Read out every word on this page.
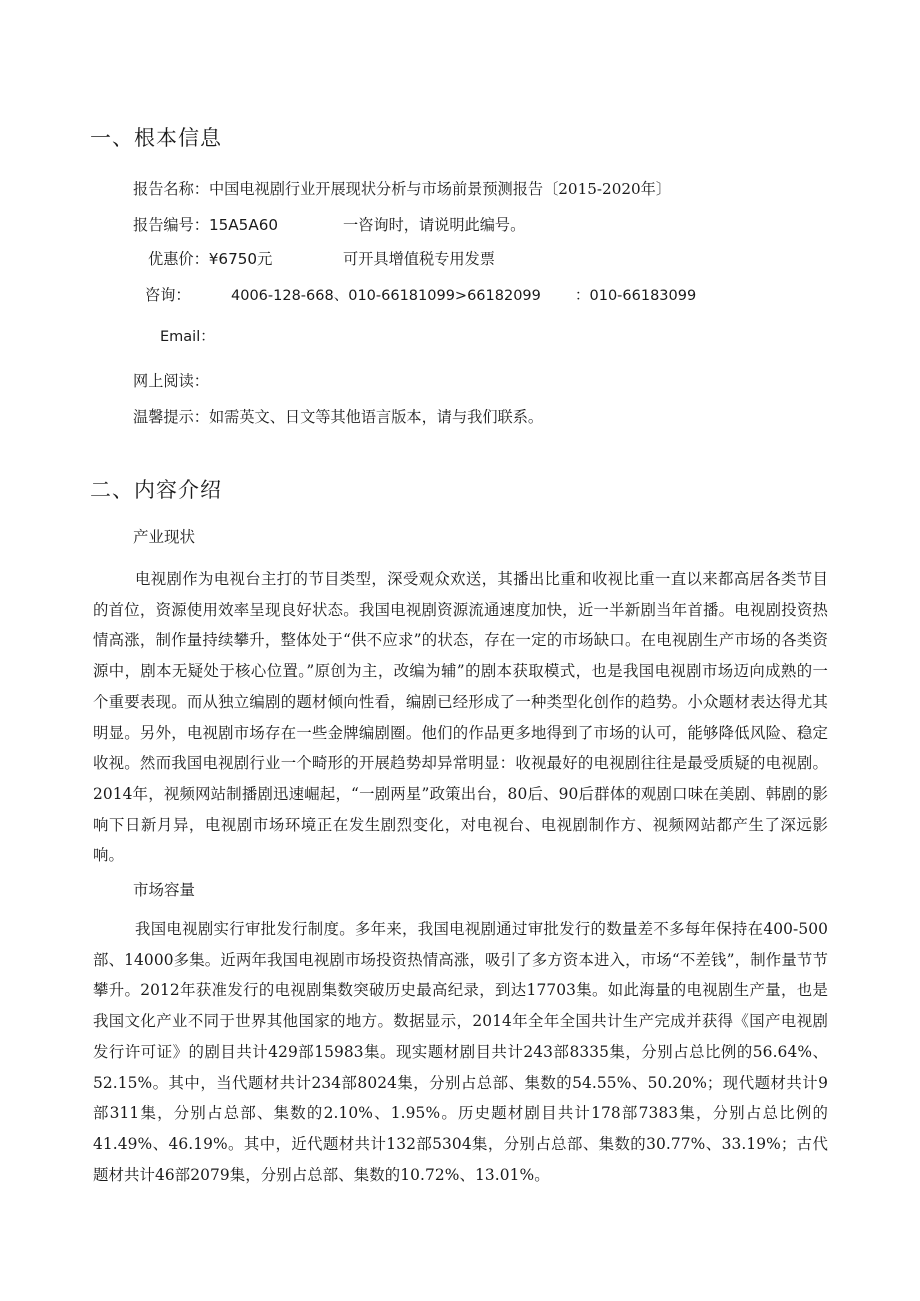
一、根本信息
报告名称：中国电视剧行业开展现状分析与市场前景预测报告〔2015-2020年〕
报告编号：15A5A60	一咨询时，请说明此编号。
优惠价：¥6750元	可开具增值税专用发票
咨询：	4006-128-668、010-66181099>66182099 ：010-66183099
Email：
网上阅读：
温馨提示：如需英文、日文等其他语言版本，请与我们联系。
二、内容介绍

产业现状

电视剧作为电视台主打的节目类型，深受观众欢送，其播出比重和收视比重一直以来都高居各类节目的首位，资源使用效率呈现良好状态。我国电视剧资源流通速度加快，近一半新剧当年首播。电视剧投资热情高涨，制作量持续攀升，整体处于“供不应求”的状态，存在一定的市场缺口。在电视剧生产市场的各类资源中，剧本无疑处于核心位置。”原创为主，改编为辅”的剧本获取模式，也是我国电视剧市场迈向成熟的一个重要表现。而从独立编剧的题材倾向性看，编剧已经形成了一种类型化创作的趋势。小众题材表达得尤其明显。另外，电视剧市场存在一些金牌编剧圈。他们的作品更多地得到了市场的认可，能够降低风险、稳定收视。然而我国电视剧行业一个畸形的开展趋势却异常明显：收视最好的电视剧往往是最受质疑的电视剧。2014年，视频网站制播剧迅速崛起，“一剧两星”政策出台，80后、90后群体的观剧口味在美剧、韩剧的影响下日新月异，电视剧市场环境正在发生剧烈变化，对电视台、电视剧制作方、视频网站都产生了深远影响。

市场容量

我国电视剧实行审批发行制度。多年来，我国电视剧通过审批发行的数量差不多每年保持在400-500部、14000多集。近两年我国电视剧市场投资热情高涨，吸引了多方资本进入，市场“不差钱”，制作量节节攀升。2012年获准发行的电视剧集数突破历史最高纪录，到达17703集。如此海量的电视剧生产量，也是我国文化产业不同于世界其他国家的地方。数据显示，2014年全年全国共计生产完成并获得《国产电视剧发行许可证》的剧目共计429部15983集。现实题材剧目共计243部8335集，分别占总比例的56.64%、52.15%。其中，当代题材共计234部8024集，分别占总部、集数的54.55%、50.20%；现代题材共计9部311集，分别占总部、集数的2.10%、1.95%。历史题材剧目共计178部7383集，分别占总比例的41.49%、46.19%。其中，近代题材共计132部5304集，分别占总部、集数的30.77%、33.19%；古代题材共计46部2079集，分别占总部、集数的10.72%、13.01%。
